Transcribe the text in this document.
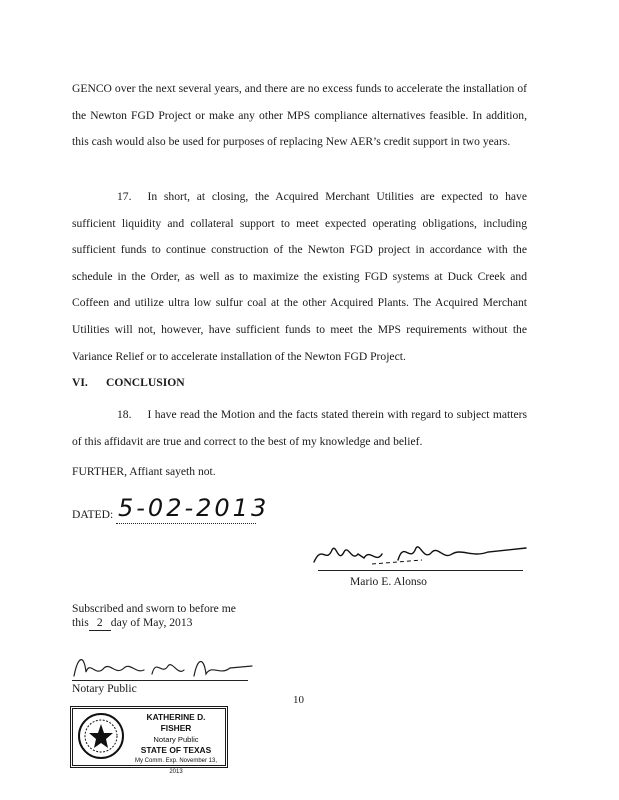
GENCO over the next several years, and there are no excess funds to accelerate the installation of the Newton FGD Project or make any other MPS compliance alternatives feasible. In addition, this cash would also be used for purposes of replacing New AER’s credit support in two years.

17. In short, at closing, the Acquired Merchant Utilities are expected to have sufficient liquidity and collateral support to meet expected operating obligations, including sufficient funds to continue construction of the Newton FGD project in accordance with the schedule in the Order, as well as to maximize the existing FGD systems at Duck Creek and Coffeen and utilize ultra low sulfur coal at the other Acquired Plants. The Acquired Merchant Utilities will not, however, have sufficient funds to meet the MPS requirements without the Variance Relief or to accelerate installation of the Newton FGD Project.

VI. CONCLUSION

18. I have read the Motion and the facts stated therein with regard to subject matters of this affidavit are true and correct to the best of my knowledge and belief.

FURTHER, Affiant sayeth not.

DATED: 5-02-2013
Mario E. Alonso

Subscribed and sworn to before me

this 2 day of May, 2013

Notary Public
10
KATHERINE D. FISHER
Notary Public
STATE OF TEXAS
My Comm. Exp. November 13, 2013
